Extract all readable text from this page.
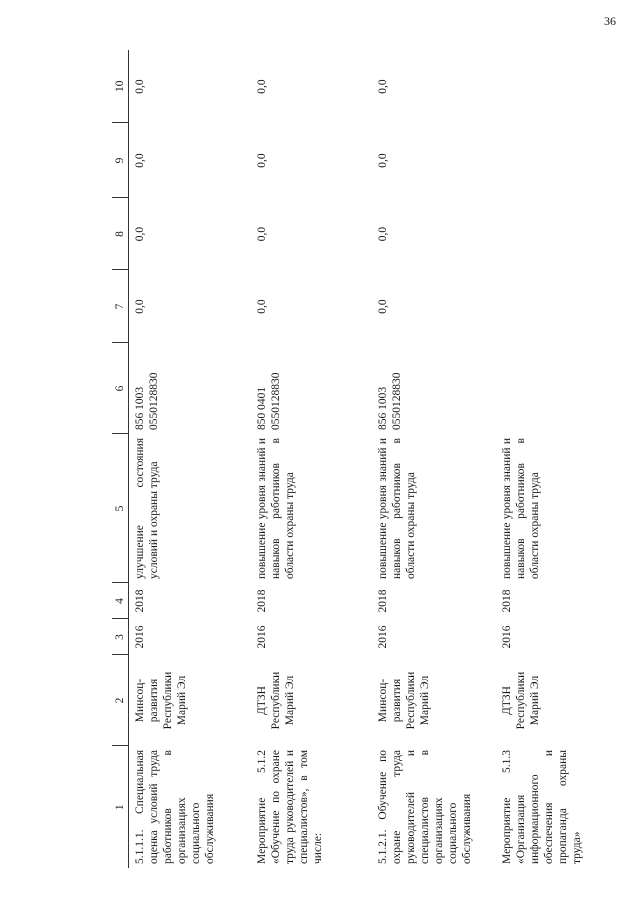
36
1	2	3	4	5	6	7	8	9	10
5.1.1.1. Специальная оценка условий труда работников в организациях социального обслуживания	Минсоц-развития Республики Марий Эл	2016	2018	улучшение состояния условий и охраны труда	856 1003 0550128830	0,0	0,0	0,0	0,0
Мероприятие 5.1.2 «Обучение по охране труда руководителей и специалистов», в том числе:	ДТЗН Республики Марий Эл	2016	2018	повышение уровня знаний и навыков работников в области охраны труда	850 0401 0550128830	0,0	0,0	0,0	0,0
5.1.2.1. Обучение по охране труда руководителей и специалистов в организациях социального обслуживания	Минсоц-развития Республики Марий Эл	2016	2018	повышение уровня знаний и навыков работников в области охраны труда	856 1003 0550128830	0,0	0,0	0,0	0,0
Мероприятие 5.1.3 «Организация информационного обеспечения и пропаганда охраны труда»	ДТЗН Республики Марий Эл	2016	2018	повышение уровня знаний и навыков работников в области охраны труда					
